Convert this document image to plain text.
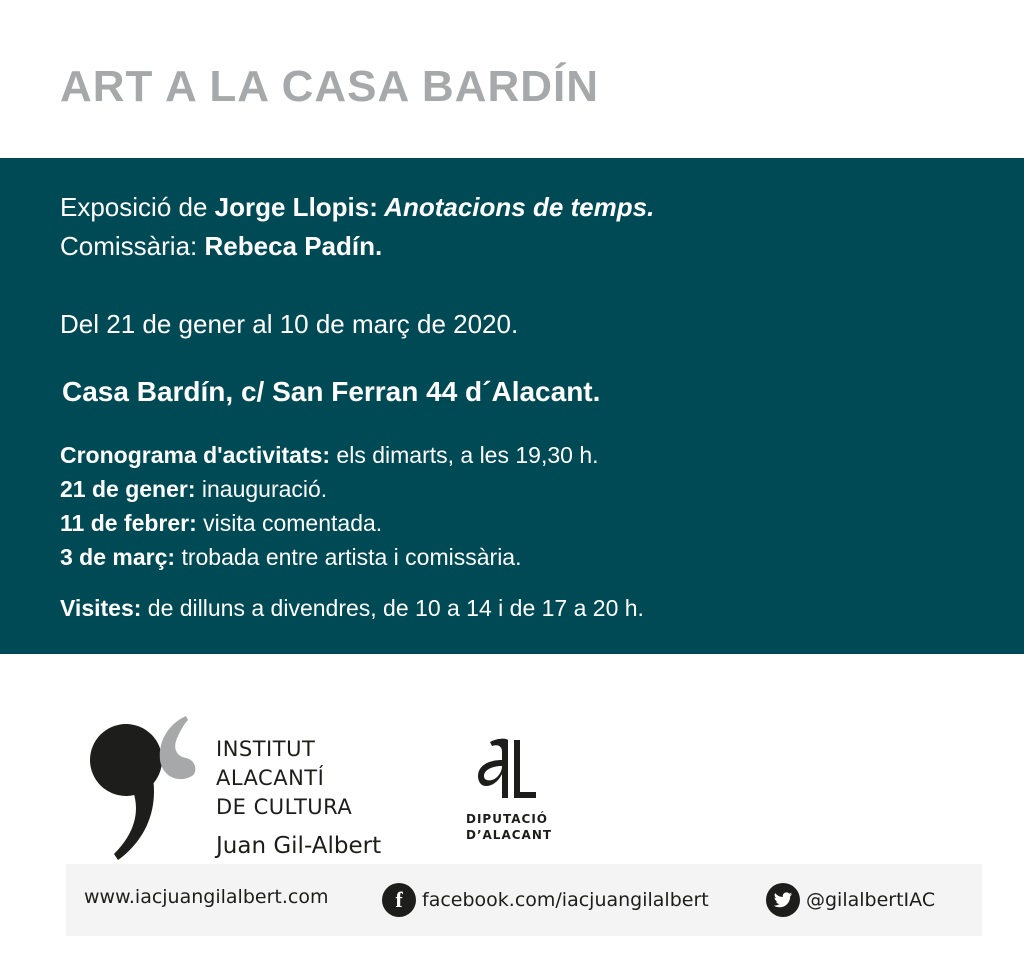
ART A LA CASA BARDÍN

Exposició de Jorge Llopis: Anotacions de temps.

Comissària: Rebeca Padín.

Del 21 de gener al 10 de març de 2020.

Casa Bardín, c/ San Ferran 44 d´Alacant.

Cronograma d'activitats: els dimarts, a les 19,30 h.

21 de gener: inauguració.

11 de febrer: visita comentada.

3 de març: trobada entre artista i comissària.

Visites: de dilluns a divendres, de 10 a 14 i de 17 a 20 h.

INSTITUT
ALACANTÍ
DE CULTURA
Juan Gil-Albert
DIPUTACIÓ
D’ALACANT
www.iacjuangilalbert.com	f	facebook.com/iacjuangilalbert	@gilalbertIAC
